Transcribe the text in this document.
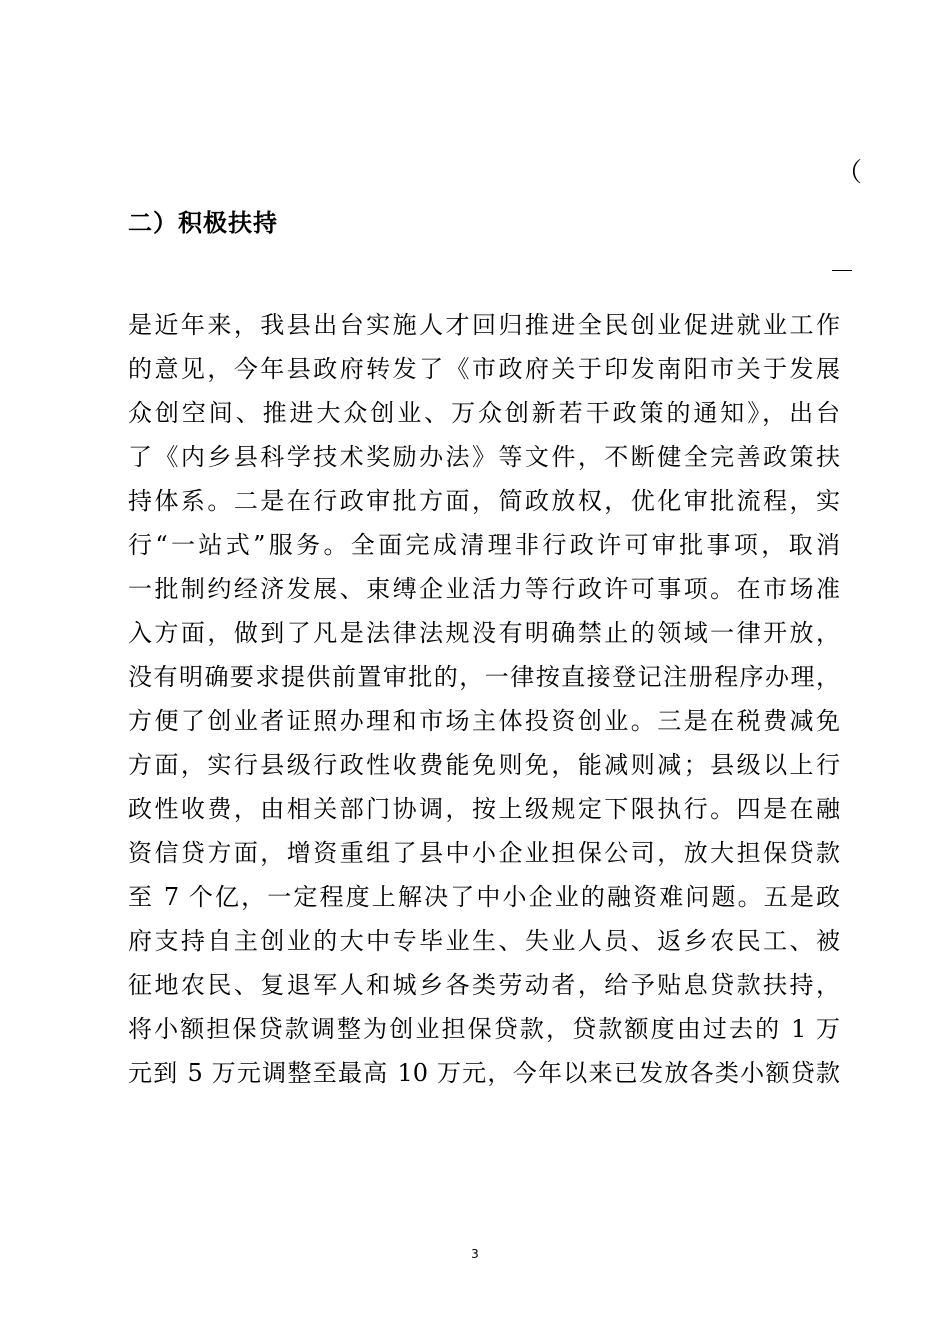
（
二）积极扶持
是近年来，我县出台实施人才回归推进全民创业促进就业工作
的意见，今年县政府转发了《市政府关于印发南阳市关于发展
众创空间、推进大众创业、万众创新若干政策的通知》，出台
了《内乡县科学技术奖励办法》等文件，不断健全完善政策扶
持体系。二是在行政审批方面，简政放权，优化审批流程，实
行“一站式”服务。全面完成清理非行政许可审批事项，取消
一批制约经济发展、束缚企业活力等行政许可事项。在市场准
入方面，做到了凡是法律法规没有明确禁止的领域一律开放，
没有明确要求提供前置审批的，一律按直接登记注册程序办理，
方便了创业者证照办理和市场主体投资创业。三是在税费减免
方面，实行县级行政性收费能免则免，能减则减；县级以上行
政性收费，由相关部门协调，按上级规定下限执行。四是在融
资信贷方面，增资重组了县中小企业担保公司，放大担保贷款
至 7 个亿，一定程度上解决了中小企业的融资难问题。五是政
府支持自主创业的大中专毕业生、失业人员、返乡农民工、被
征地农民、复退军人和城乡各类劳动者，给予贴息贷款扶持，
将小额担保贷款调整为创业担保贷款，贷款额度由过去的 1 万
元到 5 万元调整至最高 10 万元，今年以来已发放各类小额贷款
3
